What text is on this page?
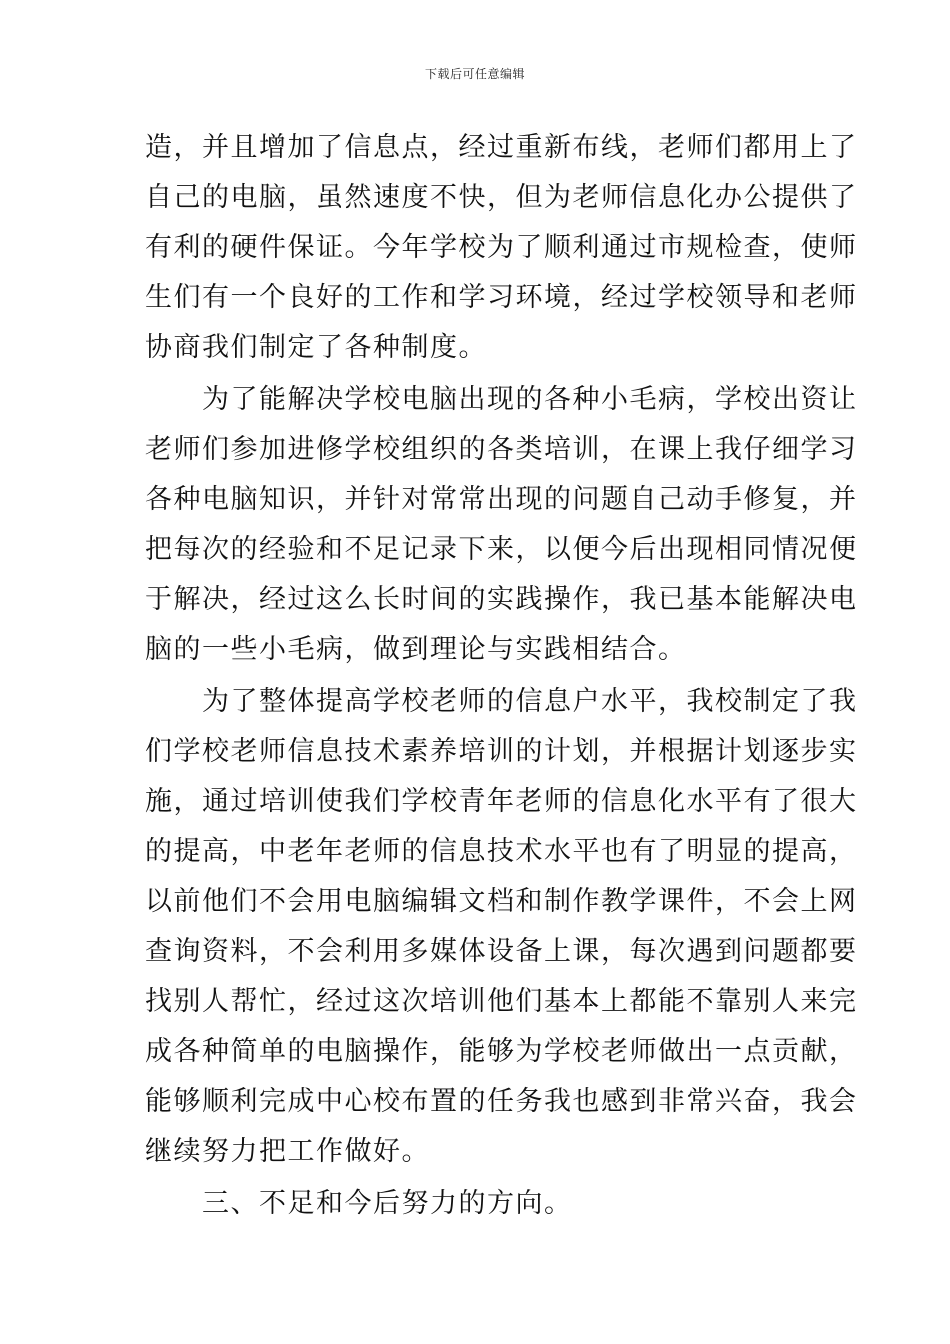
下载后可任意编辑
造，并且增加了信息点，经过重新布线，老师们都用上了
自己的电脑，虽然速度不快，但为老师信息化办公提供了
有利的硬件保证。今年学校为了顺利通过市规检查，使师
生们有一个良好的工作和学习环境，经过学校领导和老师
协商我们制定了各种制度。
　　为了能解决学校电脑出现的各种小毛病，学校出资让
老师们参加进修学校组织的各类培训，在课上我仔细学习
各种电脑知识，并针对常常出现的问题自己动手修复，并
把每次的经验和不足记录下来，以便今后出现相同情况便
于解决，经过这么长时间的实践操作，我已基本能解决电
脑的一些小毛病，做到理论与实践相结合。
　　为了整体提高学校老师的信息户水平，我校制定了我
们学校老师信息技术素养培训的计划，并根据计划逐步实
施，通过培训使我们学校青年老师的信息化水平有了很大
的提高，中老年老师的信息技术水平也有了明显的提高，
以前他们不会用电脑编辑文档和制作教学课件，不会上网
查询资料，不会利用多媒体设备上课，每次遇到问题都要
找别人帮忙，经过这次培训他们基本上都能不靠别人来完
成各种简单的电脑操作，能够为学校老师做出一点贡献，
能够顺利完成中心校布置的任务我也感到非常兴奋，我会
继续努力把工作做好。
　　三、不足和今后努力的方向。
